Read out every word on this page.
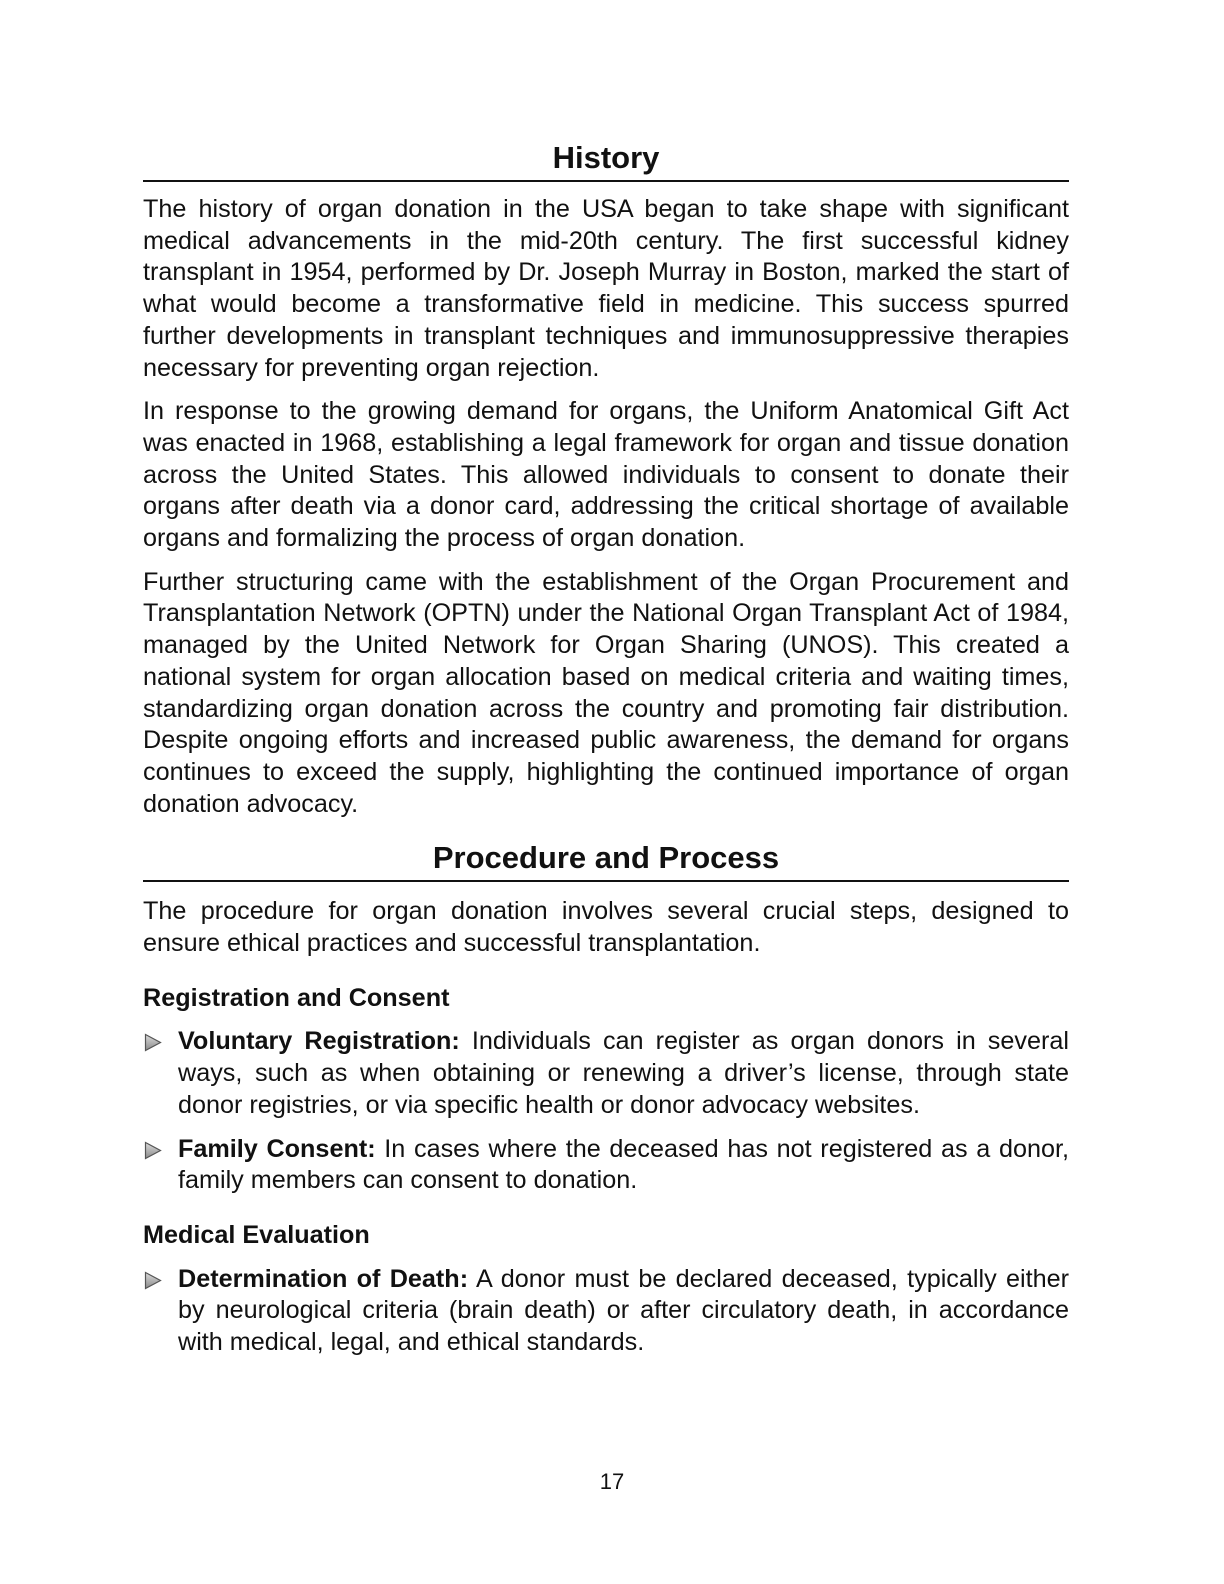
History

The history of organ donation in the USA began to take shape with significant medical advancements in the mid-20th century. The first successful kidney transplant in 1954, performed by Dr. Joseph Murray in Boston, marked the start of what would become a transformative field in medicine. This success spurred further developments in transplant techniques and immunosuppressive therapies necessary for preventing organ rejection.

In response to the growing demand for organs, the Uniform Anatomical Gift Act was enacted in 1968, establishing a legal framework for organ and tissue donation across the United States. This allowed individuals to consent to donate their organs after death via a donor card, addressing the critical shortage of available organs and formalizing the process of organ donation.

Further structuring came with the establishment of the Organ Procurement and Transplantation Network (OPTN) under the National Organ Transplant Act of 1984, managed by the United Network for Organ Sharing (UNOS). This created a national system for organ allocation based on medical criteria and waiting times, standardizing organ donation across the country and promoting fair distribution. Despite ongoing efforts and increased public awareness, the demand for organs continues to exceed the supply, highlighting the continued importance of organ donation advocacy.

Procedure and Process

The procedure for organ donation involves several crucial steps, designed to ensure ethical practices and successful transplantation.

Registration and Consent
Voluntary Registration: Individuals can register as organ donors in several ways, such as when obtaining or renewing a driver’s license, through state donor registries, or via specific health or donor advocacy websites.
Family Consent: In cases where the deceased has not registered as a donor, family members can consent to donation.
Medical Evaluation
Determination of Death: A donor must be declared deceased, typically either by neurological criteria (brain death) or after circulatory death, in accordance with medical, legal, and ethical standards.
17
